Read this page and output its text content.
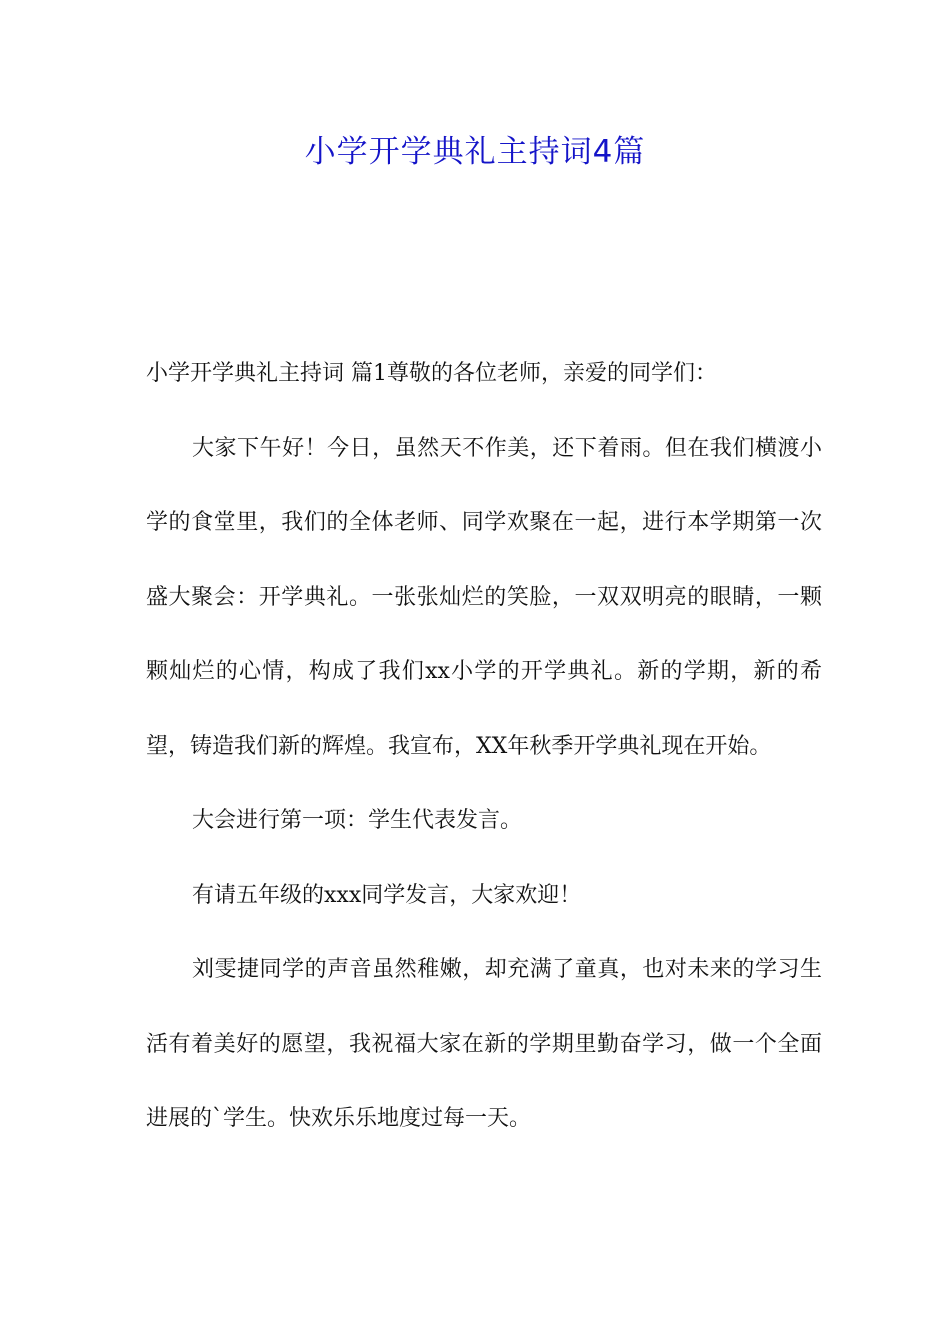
小学开学典礼主持词4篇

小学开学典礼主持词 篇1尊敬的各位老师，亲爱的同学们：

大家下午好！今日，虽然天不作美，还下着雨。但在我们横渡小学的食堂里，我们的全体老师、同学欢聚在一起，进行本学期第一次盛大聚会：开学典礼。一张张灿烂的笑脸，一双双明亮的眼睛，一颗颗灿烂的心情，构成了我们xx小学的开学典礼。新的学期，新的希望，铸造我们新的辉煌。我宣布，XX年秋季开学典礼现在开始。

大会进行第一项：学生代表发言。

有请五年级的xxx同学发言，大家欢迎！

刘雯捷同学的声音虽然稚嫩，却充满了童真，也对未来的学习生活有着美好的愿望，我祝福大家在新的学期里勤奋学习，做一个全面进展的`学生。快欢乐乐地度过每一天。
